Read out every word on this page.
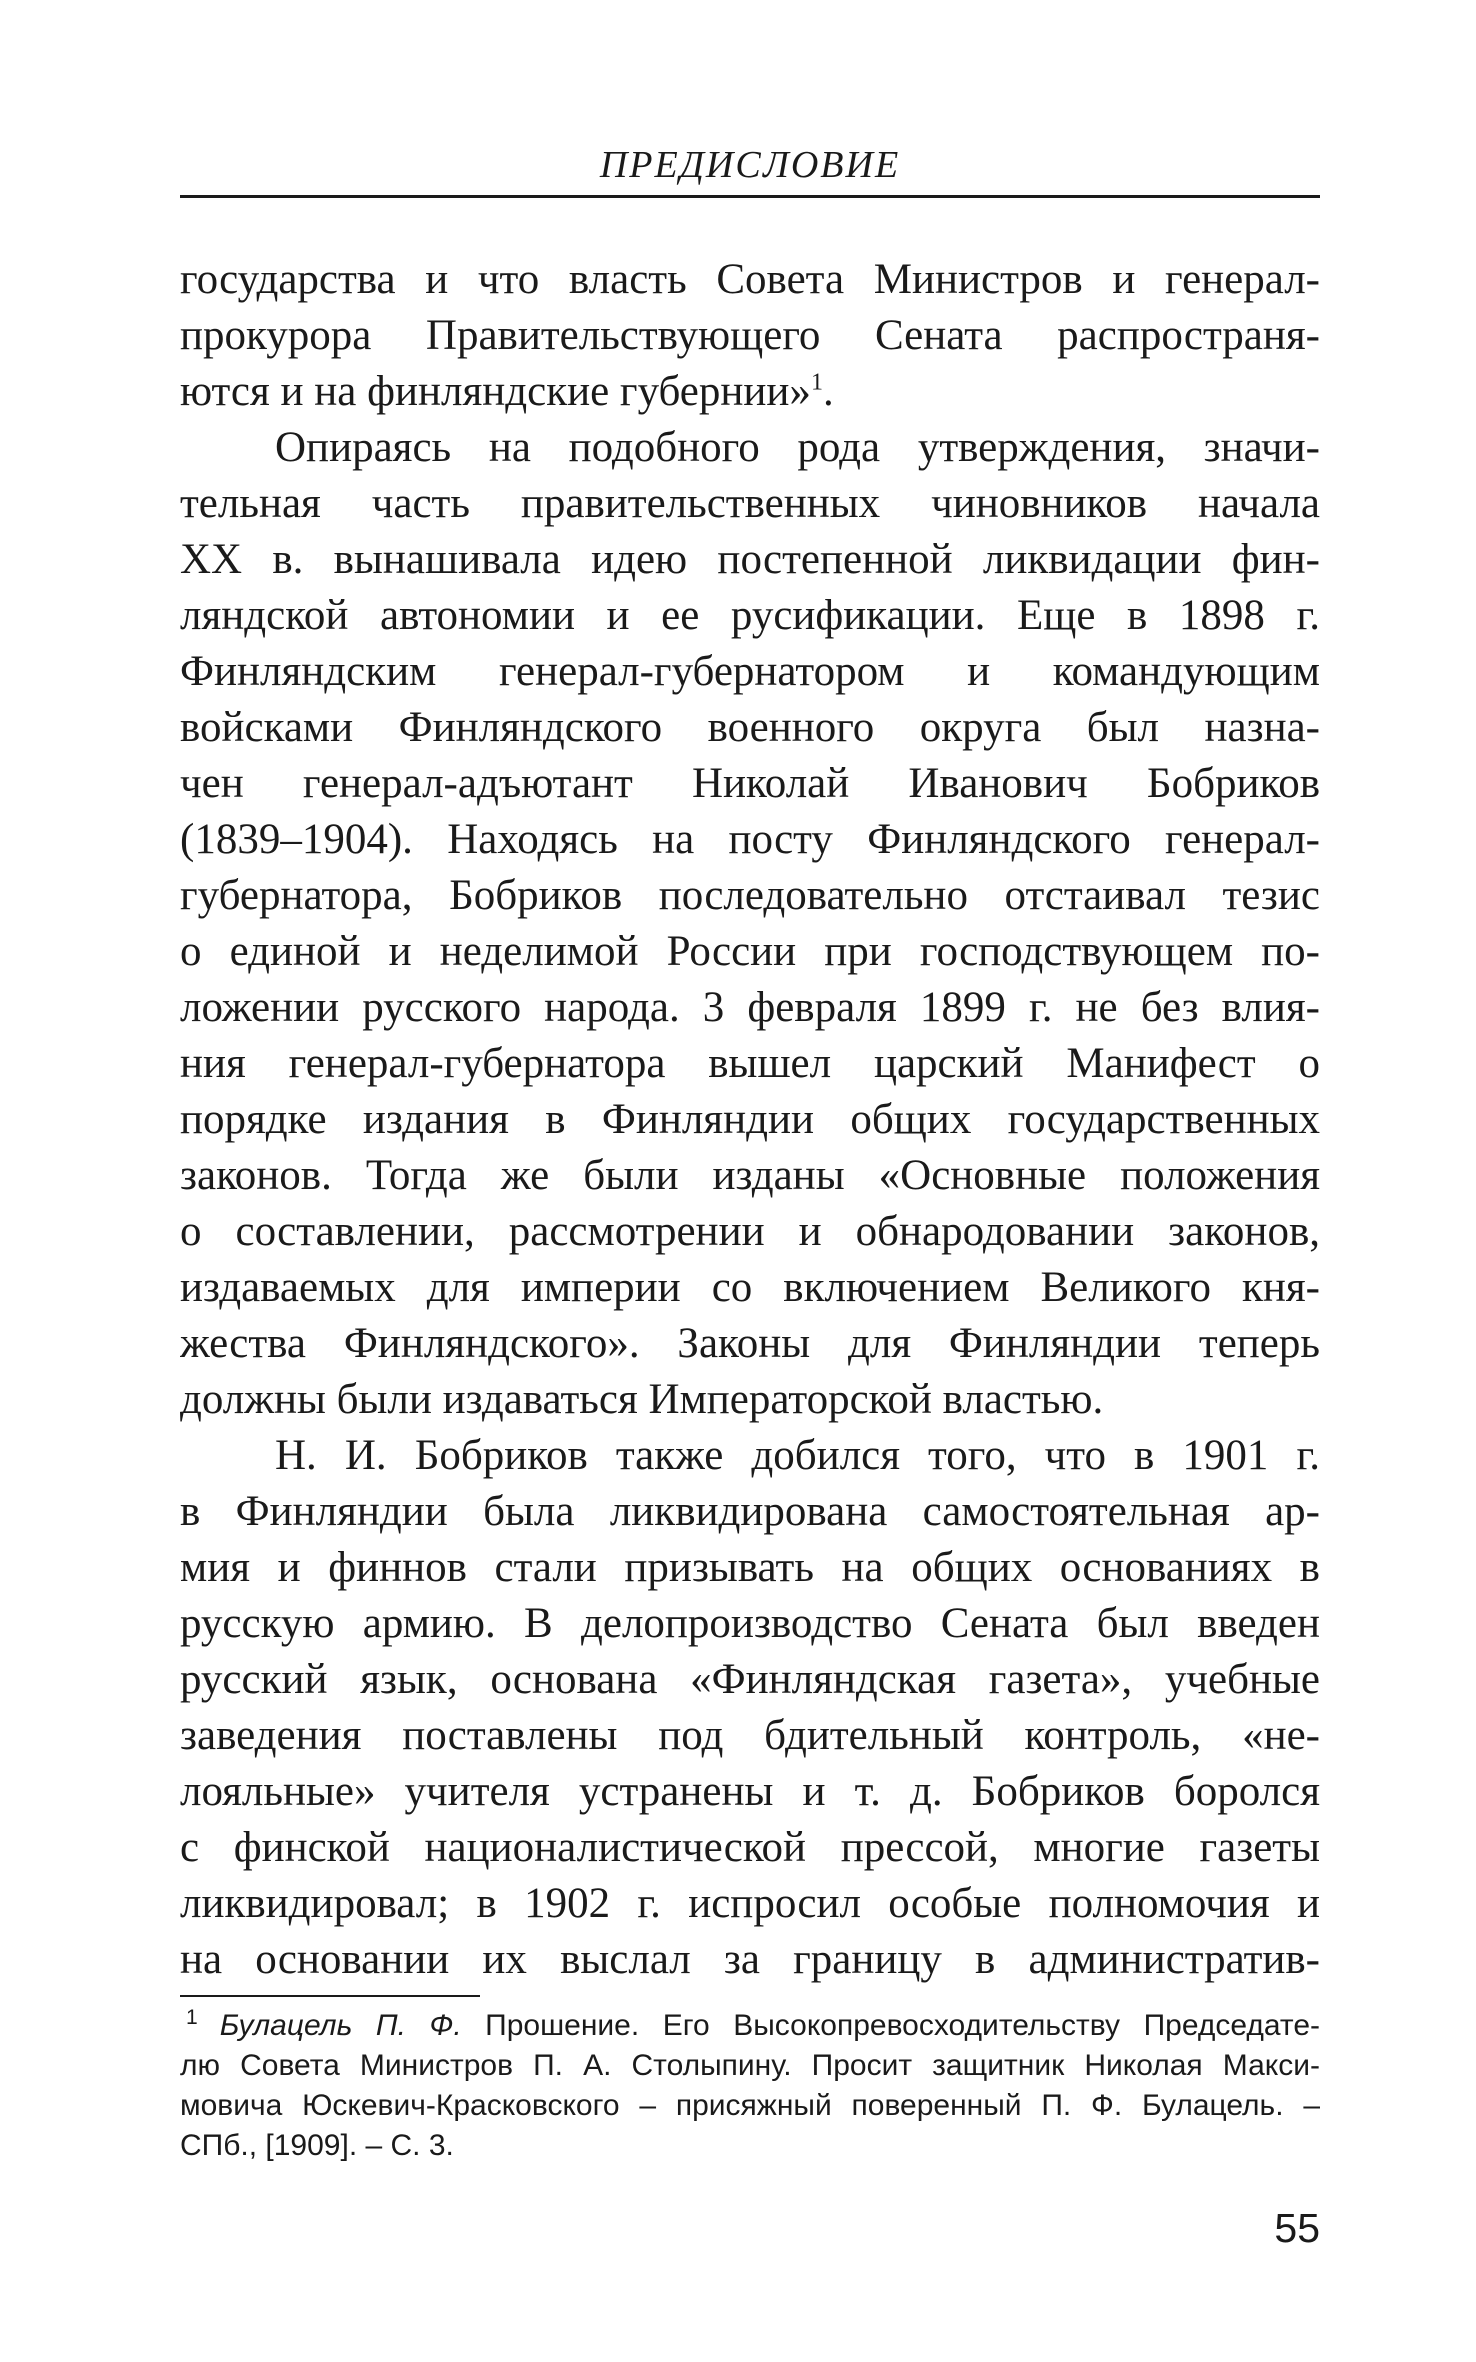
ПРЕДИСЛОВИЕ
государства и что власть Совета Министров и генерал-
прокурора Правительствующего Сената распространя-
ются и на финляндские губернии»$^1$.
Опираясь на подобного рода утверждения, значи-
тельная часть правительственных чиновников начала
XX в. вынашивала идею постепенной ликвидации фин-
ляндской автономии и ее русификации. Еще в 1898 г.
Финляндским генерал-губернатором и командующим
войсками Финляндского военного округа был назна-
чен генерал-адъютант Николай Иванович Бобриков
(1839–1904). Находясь на посту Финляндского генерал-
губернатора, Бобриков последовательно отстаивал тезис
о единой и неделимой России при господствующем по-
ложении русского народа. 3 февраля 1899 г. не без влия-
ния генерал-губернатора вышел царский Манифест о
порядке издания в Финляндии общих государственных
законов. Тогда же были изданы «Основные положения
о составлении, рассмотрении и обнародовании законов,
издаваемых для империи со включением Великого кня-
жества Финляндского». Законы для Финляндии теперь
должны были издаваться Императорской властью.
Н. И. Бобриков также добился того, что в 1901 г.
в Финляндии была ликвидирована самостоятельная ар-
мия и финнов стали призывать на общих основаниях в
русскую армию. В делопроизводство Сената был введен
русский язык, основана «Финляндская газета», учебные
заведения поставлены под бдительный контроль, «не-
лояльные» учителя устранены и т. д. Бобриков боролся
с финской националистической прессой, многие газеты
ликвидировал; в 1902 г. испросил особые полномочия и
на основании их выслал за границу в административ-
$^1$ Булацель П. Ф. Прошение. Его Высокопревосходительству Председате-
лю Совета Министров П. А. Столыпину. Просит защитник Николая Макси-
мовича Юскевич-Красковского – присяжный поверенный П. Ф. Булацель. –
СПб., [1909]. – С. 3.
55
